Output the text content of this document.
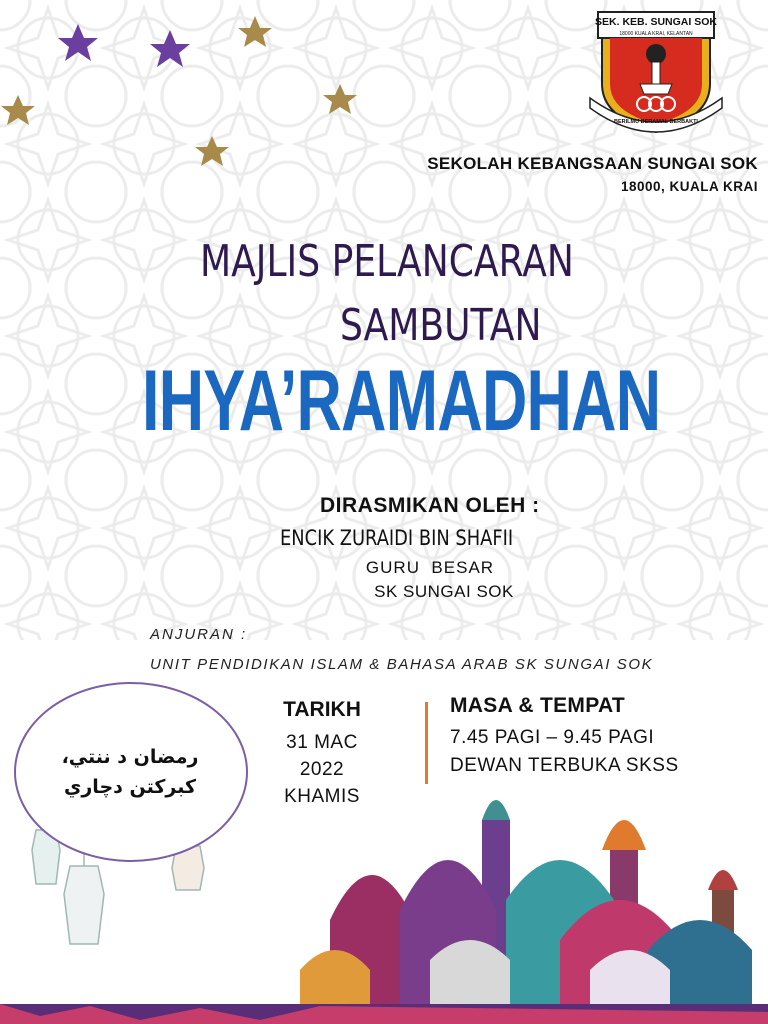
SEK. KEB. SUNGAI SOK
18000 KUALA KRAI, KELANTAN
BERILMU BERAMAL BERBAKTI
SEKOLAH KEBANGSAAN SUNGAI SOK
18000, KUALA KRAI
MAJLIS PELANCARAN
SAMBUTAN
IHYA’RAMADHAN
DIRASMIKAN OLEH :
ENCIK ZURAIDI BIN SHAFII
GURU  BESAR
SK SUNGAI SOK
ANJURAN :
UNIT PENDIDIKAN ISLAM & BAHASA ARAB SK SUNGAI SOK
رمضان د ننتي،
كبركتن دچاري
TARIKH
31 MAC
2022
KHAMIS
MASA & TEMPAT
7.45 PAGI – 9.45 PAGI
DEWAN TERBUKA SKSS
